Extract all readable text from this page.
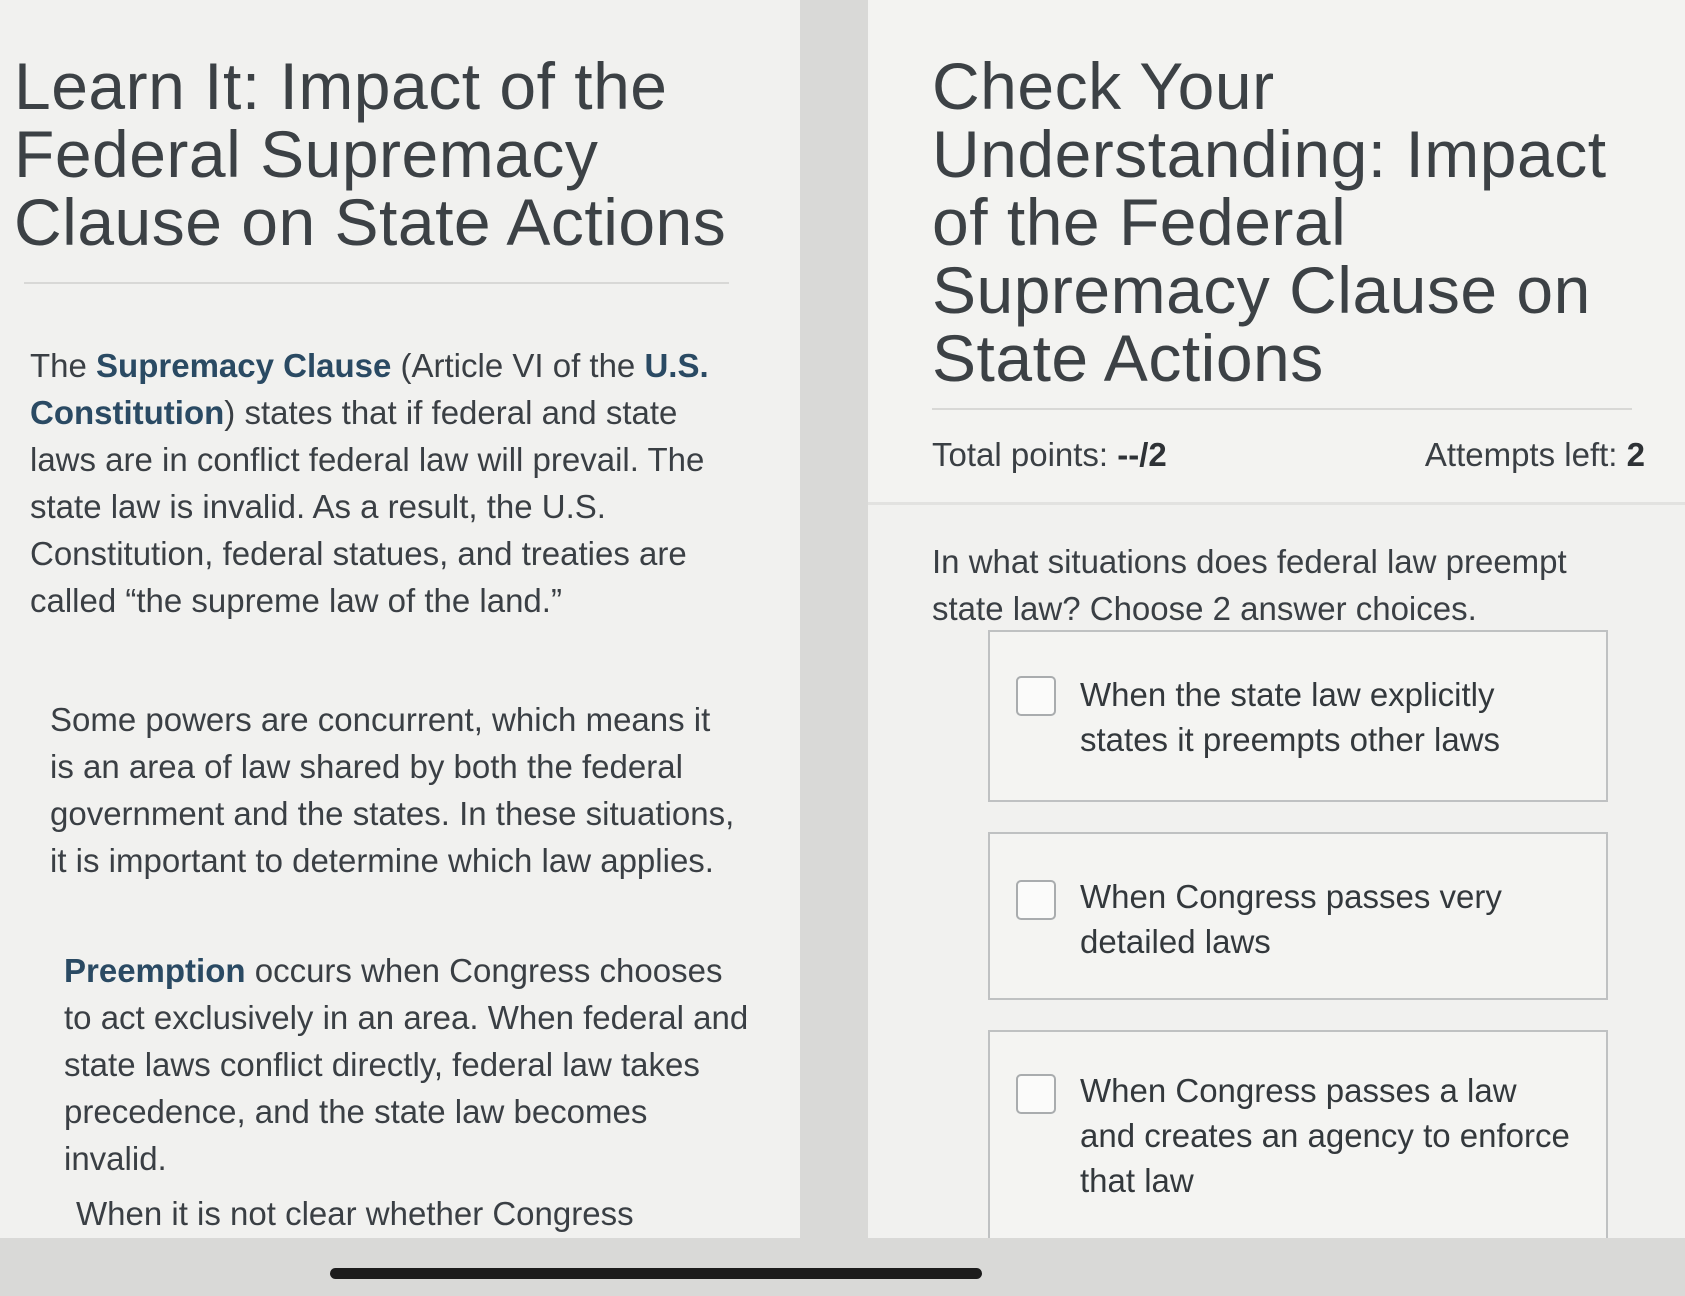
Learn It: Impact of the Federal Supremacy Clause on State Actions

The Supremacy Clause (Article VI of the U.S. Constitution) states that if federal and state laws are in conflict federal law will prevail. The state law is invalid. As a result, the U.S. Constitution, federal statues, and treaties are called “the supreme law of the land.”

Some powers are concurrent, which means it is an area of law shared by both the federal government and the states. In these situations, it is important to determine which law applies.

Preemption occurs when Congress chooses to act exclusively in an area. When federal and state laws conflict directly, federal law takes precedence, and the state law becomes invalid.

When it is not clear whether Congress

Check Your Understanding: Impact of the Federal Supremacy Clause on State Actions
Total points: --/2	Attempts left: 2

In what situations does federal law preempt state law? Choose 2 answer choices.

When the state law explicitly states it preempts other laws
When Congress passes very detailed laws
When Congress passes a law and creates an agency to enforce that law
